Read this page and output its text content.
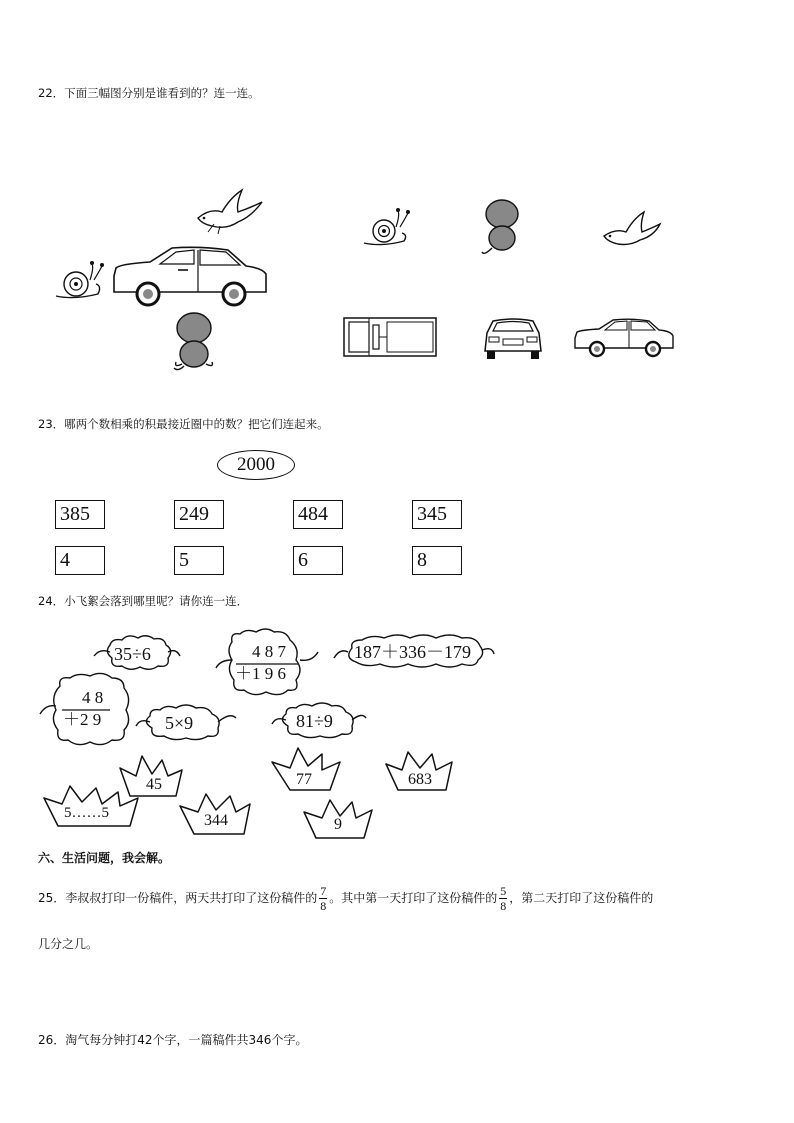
22．下面三幅图分别是谁看到的？连一连。
23．哪两个数相乘的积最接近圈中的数？把它们连起来。
2000
385	249	484	345
4	5	6	8
24．小飞絮会落到哪里呢？请你连一连．
35÷6	4 8 7
＋1 9 6
187＋336－179
4 8
＋2 9	5×9	81÷9
45	77	683
5……5	344	9
六、生活问题，我会解。
25．李叔叔打印一份稿件，两天共打印了这份稿件的 $\frac{7}{8}$ 。其中第一天打印了这份稿件的 $\frac{5}{8}$ ，第二天打印了这份稿件的
几分之几。
26．淘气每分钟打42个字，一篇稿件共346个字。
